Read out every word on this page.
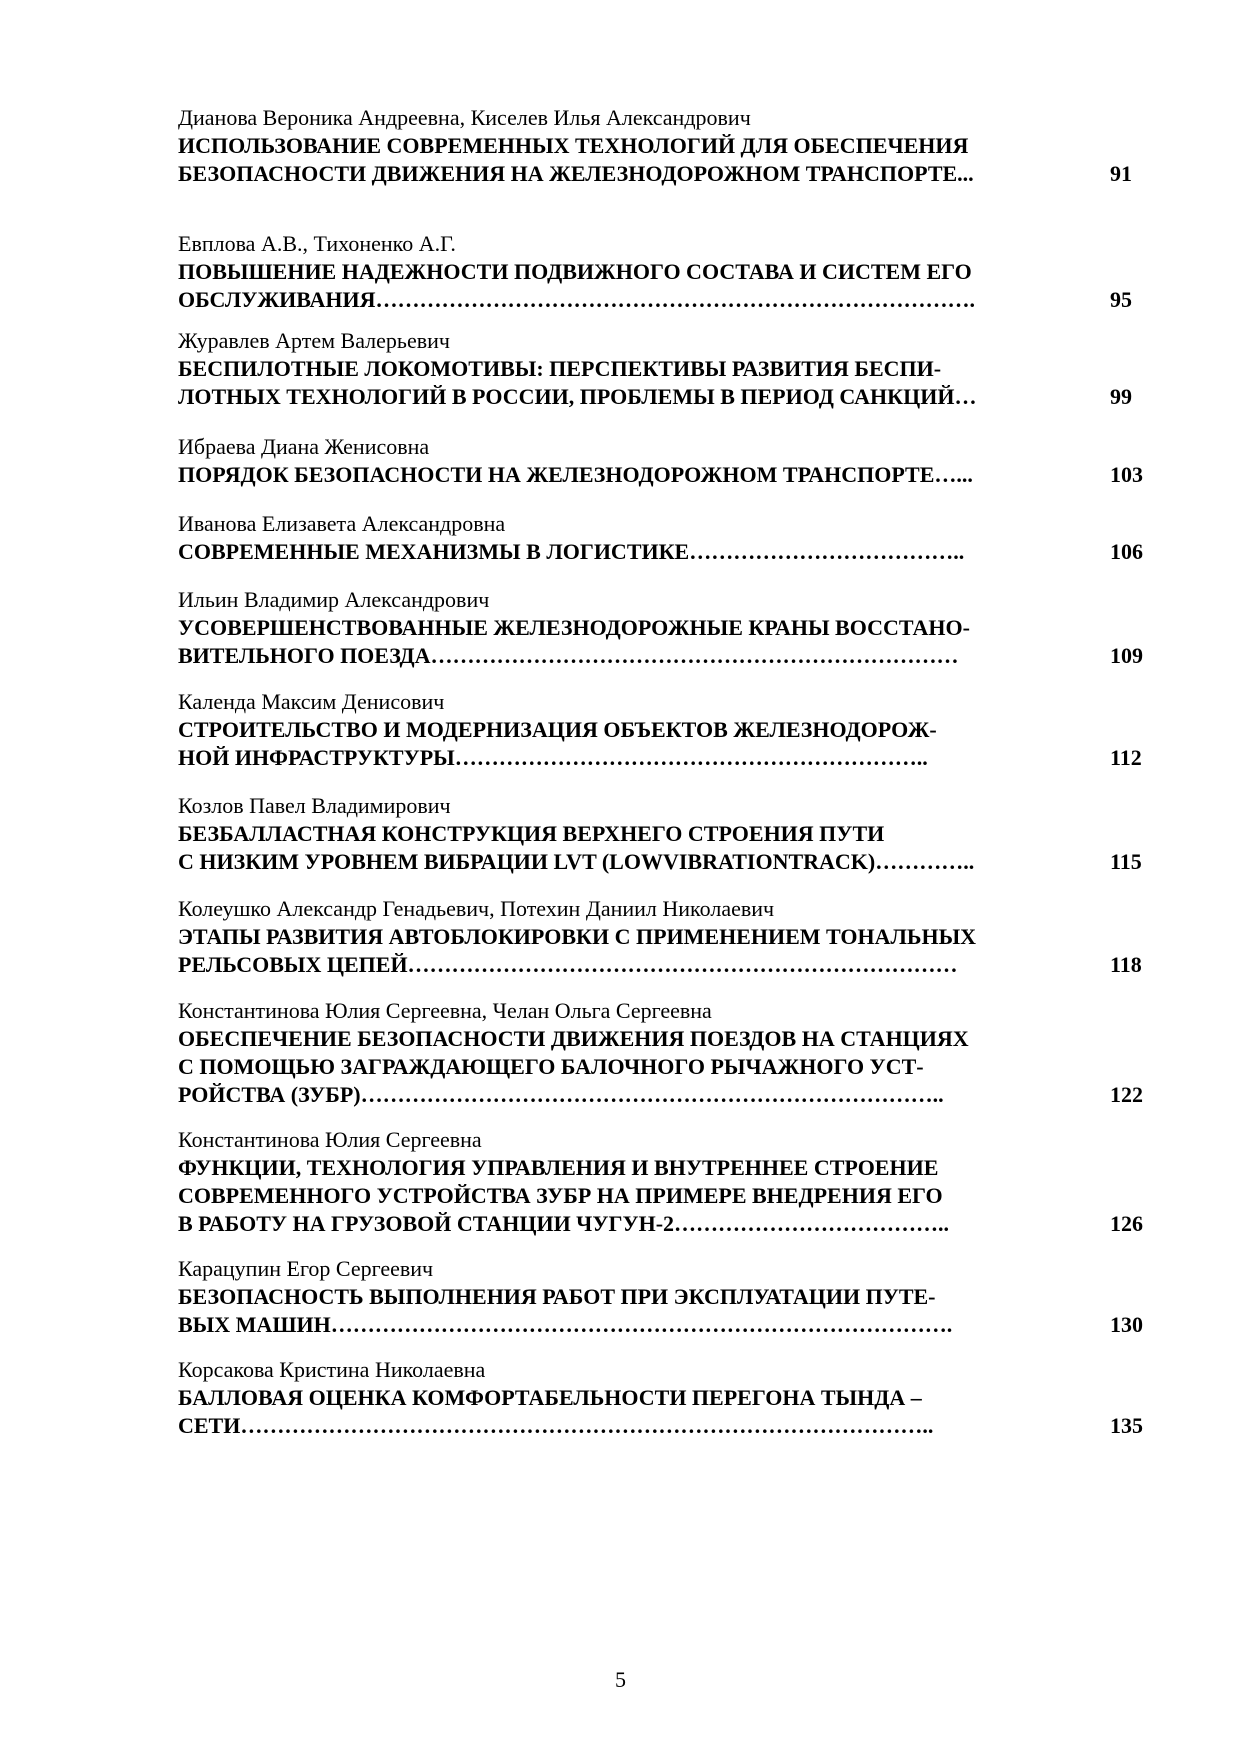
Дианова Вероника Андреевна, Киселев Илья Александрович
ИСПОЛЬЗОВАНИЕ СОВРЕМЕННЫХ ТЕХНОЛОГИЙ ДЛЯ ОБЕСПЕЧЕНИЯ
БЕЗОПАСНОСТИ ДВИЖЕНИЯ НА ЖЕЛЕЗНОДОРОЖНОМ ТРАНСПОРТЕ...	91
Евплова А.В., Тихоненко А.Г.
ПОВЫШЕНИЕ НАДЕЖНОСТИ ПОДВИЖНОГО СОСТАВА И СИСТЕМ ЕГО
ОБСЛУЖИВАНИЯ……………………………………………………………………….	95
Журавлев Артем Валерьевич
БЕСПИЛОТНЫЕ ЛОКОМОТИВЫ: ПЕРСПЕКТИВЫ РАЗВИТИЯ БЕСПИ-
ЛОТНЫХ ТЕХНОЛОГИЙ В РОССИИ, ПРОБЛЕМЫ В ПЕРИОД САНКЦИЙ…	99
Ибраева Диана Женисовна
ПОРЯДОК БЕЗОПАСНОСТИ НА ЖЕЛЕЗНОДОРОЖНОМ ТРАНСПОРТЕ…...	103
Иванова Елизавета Александровна
СОВРЕМЕННЫЕ МЕХАНИЗМЫ В ЛОГИСТИКЕ………………………………..	106
Ильин Владимир Александрович
УСОВЕРШЕНСТВОВАННЫЕ ЖЕЛЕЗНОДОРОЖНЫЕ КРАНЫ ВОССТАНО-
ВИТЕЛЬНОГО ПОЕЗДА………………………………………………………………	109
Календа Максим Денисович
СТРОИТЕЛЬСТВО И МОДЕРНИЗАЦИЯ ОБЪЕКТОВ ЖЕЛЕЗНОДОРОЖ-
НОЙ ИНФРАСТРУКТУРЫ………………………………………………………..	112
Козлов Павел Владимирович
БЕЗБАЛЛАСТНАЯ КОНСТРУКЦИЯ ВЕРХНЕГО СТРОЕНИЯ ПУТИ
С НИЗКИМ УРОВНЕМ ВИБРАЦИИ LVT (LOWVIBRATIONTRACK)…………..	115
Колеушко Александр Генадьевич, Потехин Даниил Николаевич
ЭТАПЫ РАЗВИТИЯ АВТОБЛОКИРОВКИ С ПРИМЕНЕНИЕМ ТОНАЛЬНЫХ
РЕЛЬСОВЫХ ЦЕПЕЙ…………………………………………………………………	118
Константинова Юлия Сергеевна, Челан Ольга Сергеевна
ОБЕСПЕЧЕНИЕ БЕЗОПАСНОСТИ ДВИЖЕНИЯ ПОЕЗДОВ НА СТАНЦИЯХ
С ПОМОЩЬЮ ЗАГРАЖДАЮЩЕГО БАЛОЧНОГО РЫЧАЖНОГО УСТ-
РОЙСТВА (ЗУБР)……………………………………………………………………..	122
Константинова Юлия Сергеевна
ФУНКЦИИ, ТЕХНОЛОГИЯ УПРАВЛЕНИЯ И ВНУТРЕННЕЕ СТРОЕНИЕ
СОВРЕМЕННОГО УСТРОЙСТВА ЗУБР НА ПРИМЕРЕ ВНЕДРЕНИЯ ЕГО
В РАБОТУ НА ГРУЗОВОЙ СТАНЦИИ ЧУГУН-2………………………………..	126
Карацупин Егор Сергеевич
БЕЗОПАСНОСТЬ ВЫПОЛНЕНИЯ РАБОТ ПРИ ЭКСПЛУАТАЦИИ ПУТЕ-
ВЫХ МАШИН………………………………………………………………………….	130
Корсакова Кристина Николаевна
БАЛЛОВАЯ ОЦЕНКА КОМФОРТАБЕЛЬНОСТИ ПЕРЕГОНА ТЫНДА –
СЕТИ…………………………………………………………………………………..	135
5
